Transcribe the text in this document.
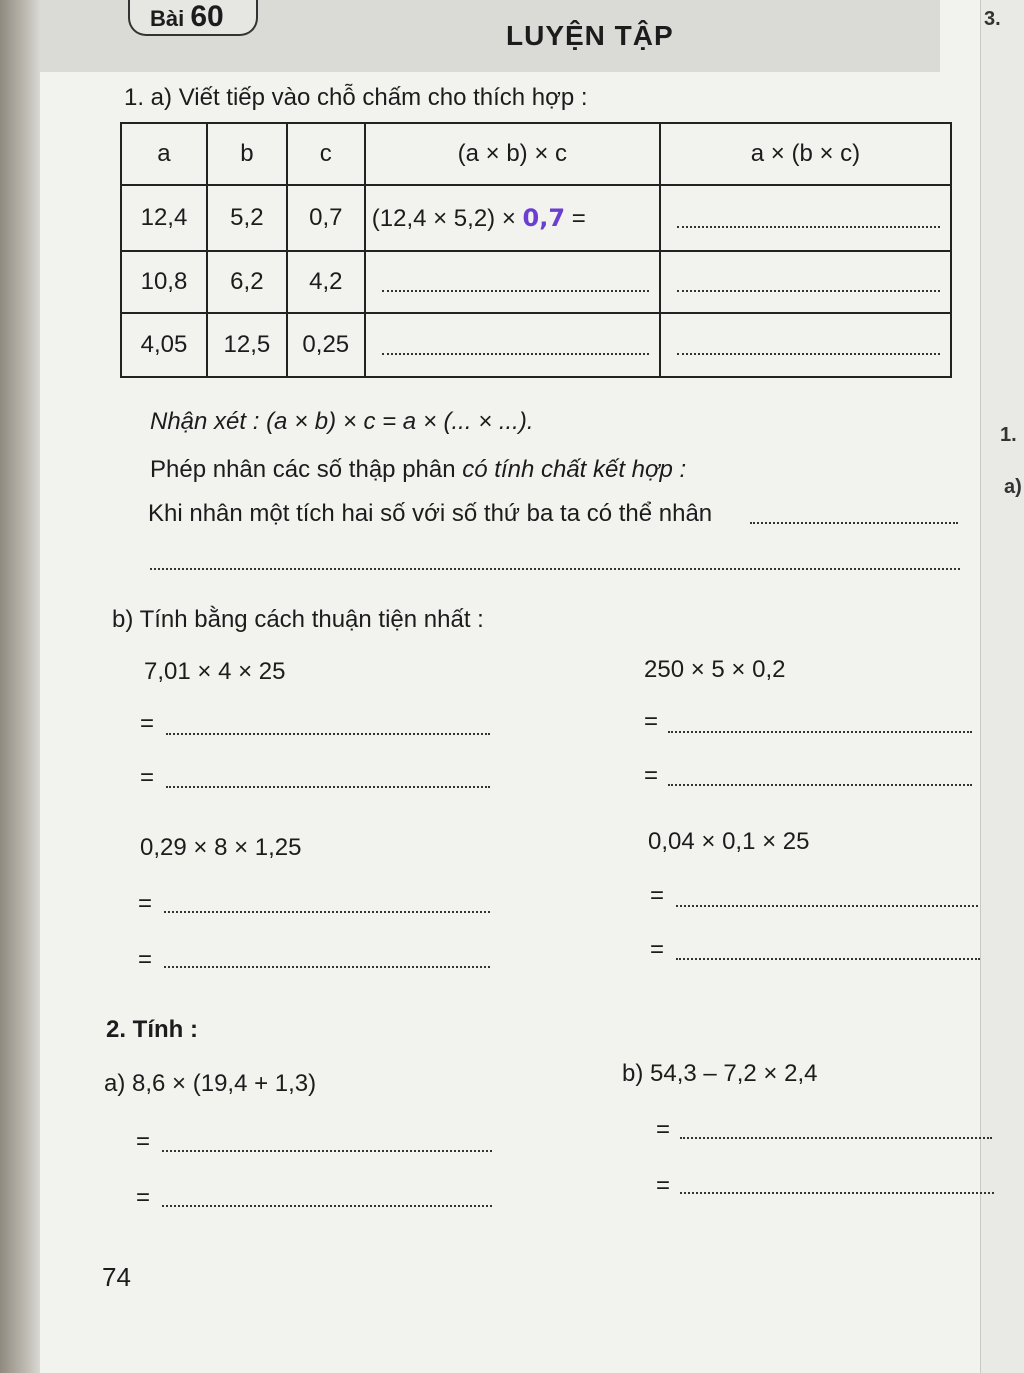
Bài 60
LUYỆN TẬP
1. a) Viết tiếp vào chỗ chấm cho thích hợp :
a	b	c	(a × b) × c	a × (b × c)
12,4	5,2	0,7	(12,4 × 5,2) × 0,7 =	

10,8	6,2	4,2	

4,05	12,5	0,25	

Nhận xét : (a × b) × c = a × (... × ...).
Phép nhân các số thập phân có tính chất kết hợp :
Khi nhân một tích hai số với số thứ ba ta có thể nhân
b) Tính bằng cách thuận tiện nhất :
7,01 × 4 × 25	250 × 5 × 0,2
=	=
=	=
0,29 × 8 × 1,25	0,04 × 0,1 × 25
=	=
=	=
2. Tính :
a) 8,6 × (19,4 + 1,3)	b) 54,3 – 7,2 × 2,4
=	=
=	=
74
3.
1.
a)
